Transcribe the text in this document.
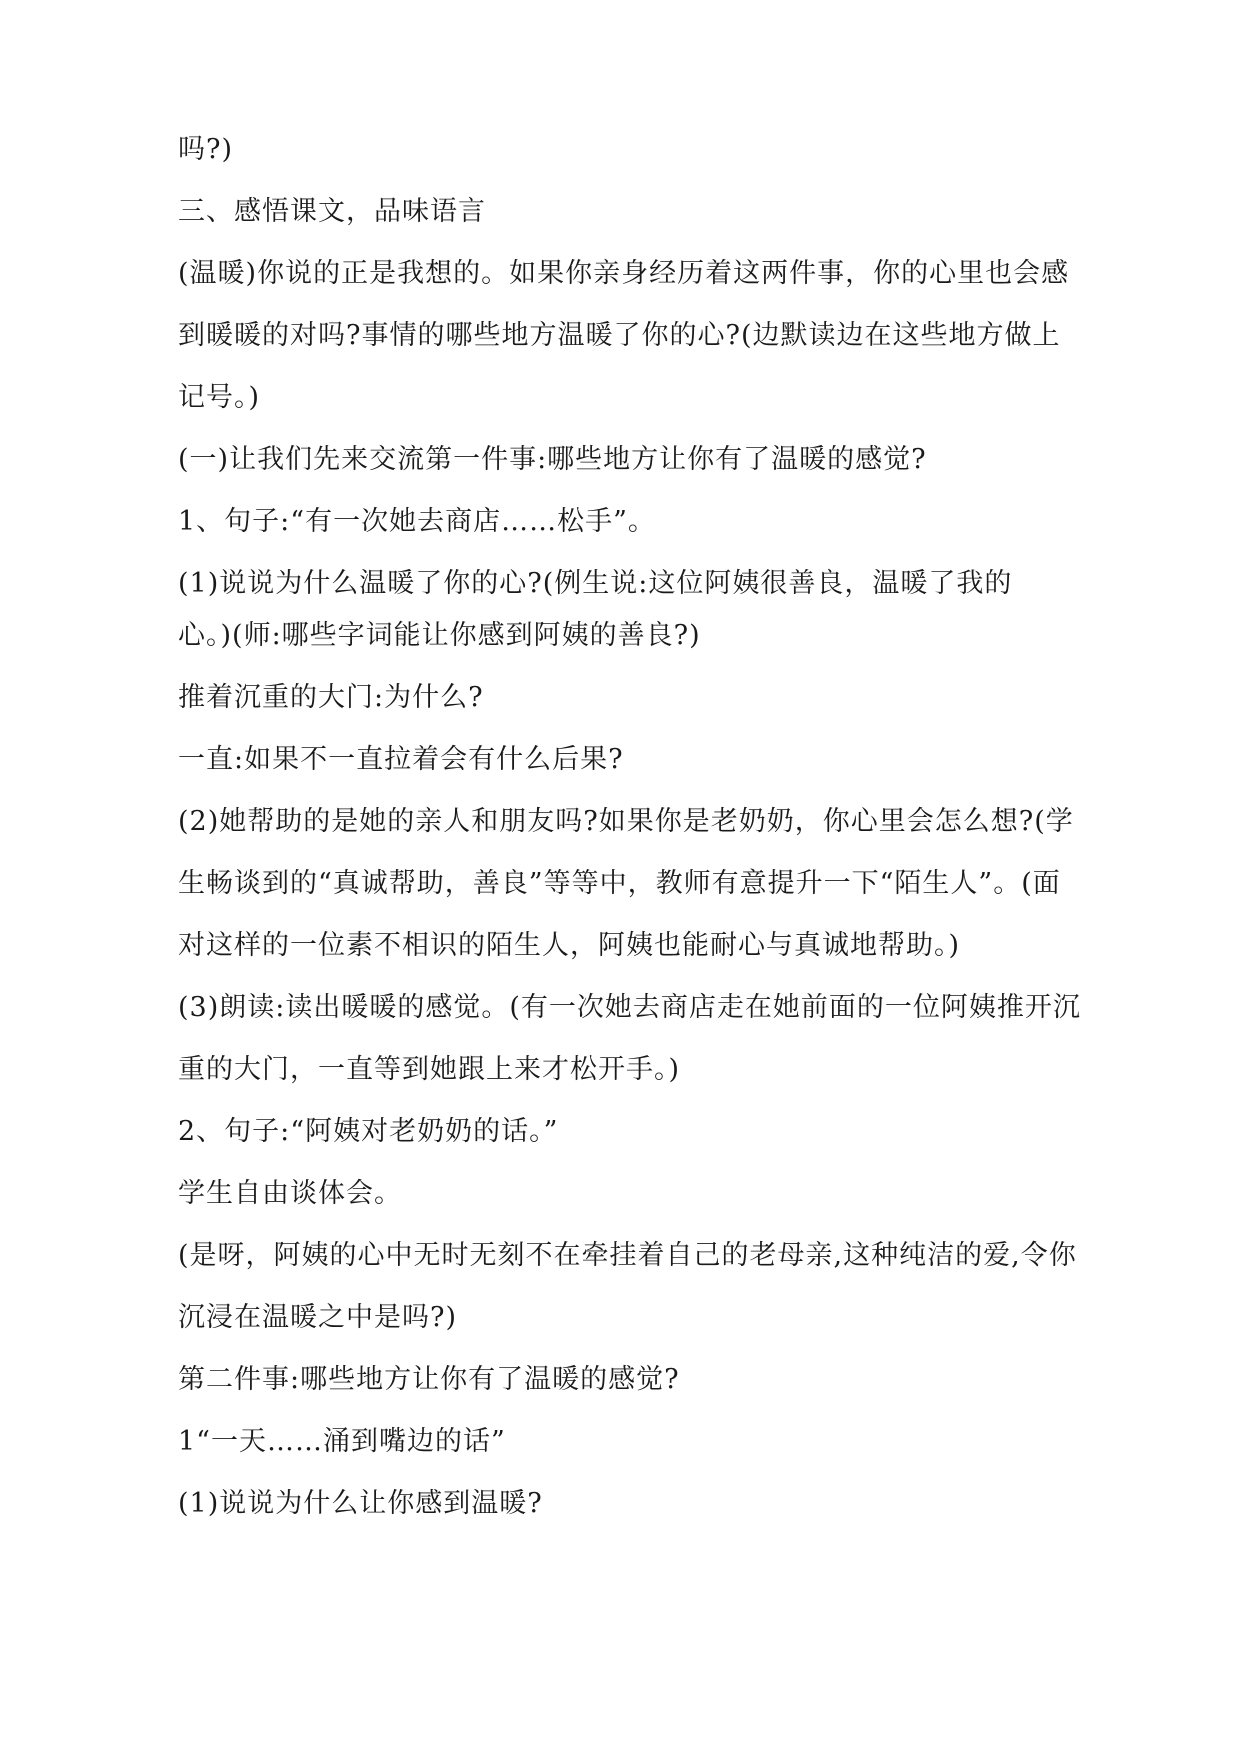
吗?)
三、感悟课文，品味语言
(温暖)你说的正是我想的。如果你亲身经历着这两件事，你的心里也会感
到暖暖的对吗?事情的哪些地方温暖了你的心?(边默读边在这些地方做上
记号。)
(一)让我们先来交流第一件事:哪些地方让你有了温暖的感觉?
1、句子:“有一次她去商店……松手”。
(1)说说为什么温暖了你的心?(例生说:这位阿姨很善良，温暖了我的
心。)(师:哪些字词能让你感到阿姨的善良?)
推着沉重的大门:为什么?
一直:如果不一直拉着会有什么后果?
(2)她帮助的是她的亲人和朋友吗?如果你是老奶奶，你心里会怎么想?(学
生畅谈到的“真诚帮助，善良”等等中，教师有意提升一下“陌生人”。(面
对这样的一位素不相识的陌生人，阿姨也能耐心与真诚地帮助。)
(3)朗读:读出暖暖的感觉。(有一次她去商店走在她前面的一位阿姨推开沉
重的大门，一直等到她跟上来才松开手。)
2、句子:“阿姨对老奶奶的话。”
学生自由谈体会。
(是呀，阿姨的心中无时无刻不在牵挂着自己的老母亲,这种纯洁的爱,令你
沉浸在温暖之中是吗?)
第二件事:哪些地方让你有了温暖的感觉?
1“一天……涌到嘴边的话”
(1)说说为什么让你感到温暖?
